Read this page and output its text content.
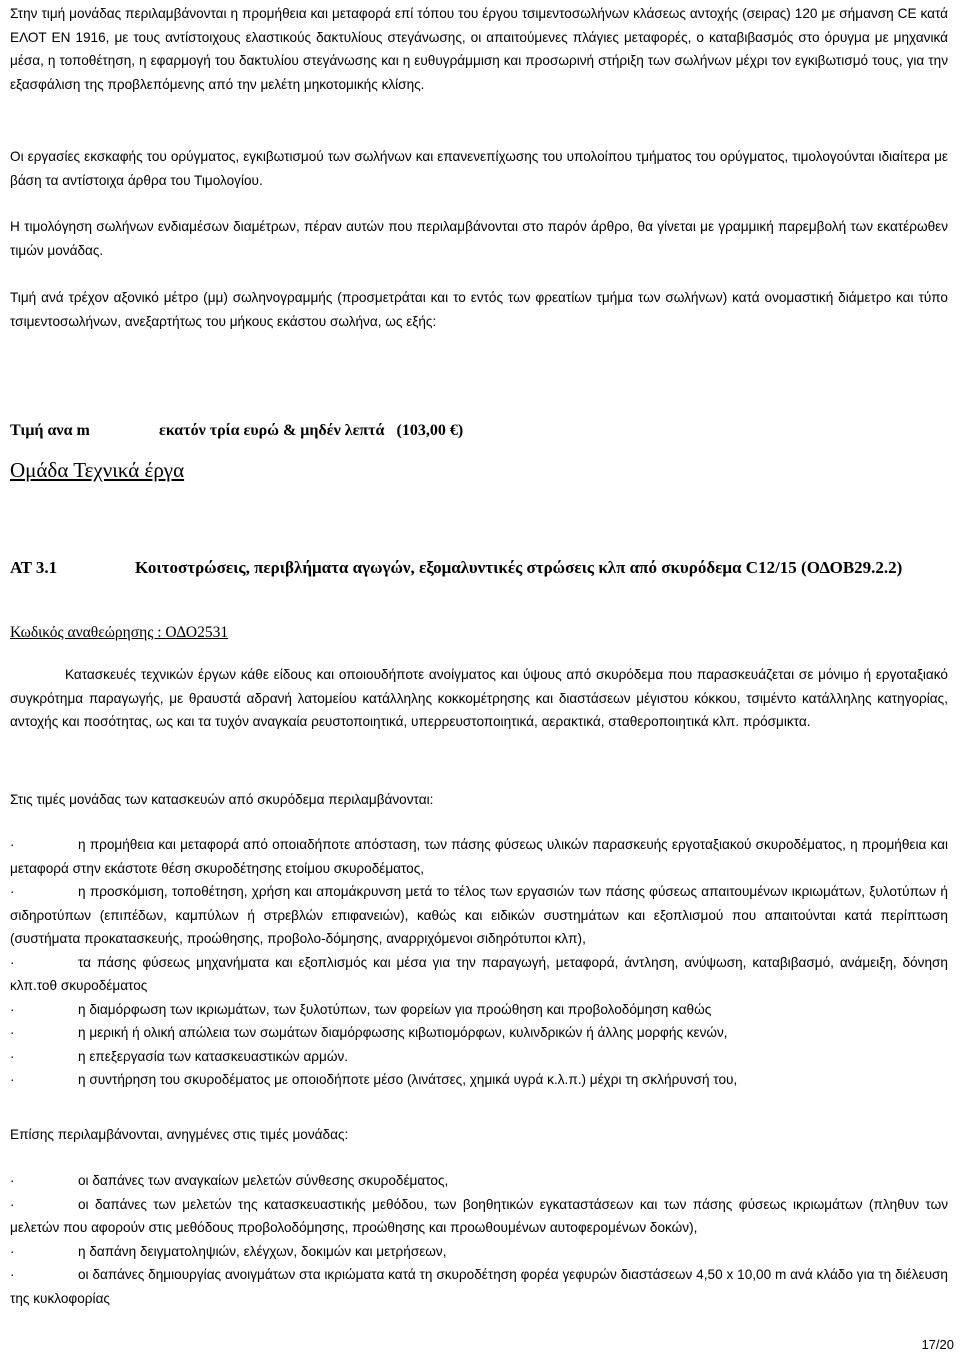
Στην τιμή μονάδας περιλαμβάνονται η προμήθεια και μεταφορά επί τόπου του έργου τσιμεντοσωλήνων κλάσεως αντοχής (σειρας) 120 με σήμανση CE κατά ΕΛΟΤ ΕΝ 1916, με τους αντίστοιχους ελαστικούς δακτυλίους στεγάνωσης, οι απαιτούμενες πλάγιες μεταφορές, ο καταβιβασμός στο όρυγμα με μηχανικά μέσα, η τοποθέτηση, η εφαρμογή του δακτυλίου στεγάνωσης και η ευθυγράμμιση και προσωρινή στήριξη των σωλήνων μέχρι τον εγκιβωτισμό τους, για την εξασφάλιση της προβλεπόμενης από την μελέτη μηκοτομικής κλίσης.

Οι εργασίες εκσκαφής του ορύγματος, εγκιβωτισμού των σωλήνων και επανενεπίχωσης του υπολοίπου τμήματος του ορύγματος, τιμολογούνται ιδιαίτερα με βάση τα αντίστοιχα άρθρα του Τιμολογίου.

Η τιμολόγηση σωλήνων ενδιαμέσων διαμέτρων, πέραν αυτών που περιλαμβάνονται στο παρόν άρθρο, θα γίνεται με γραμμική παρεμβολή των εκατέρωθεν τιμών μονάδας.

Τιμή ανά τρέχον αξονικό μέτρο (μμ) σωληνογραμμής (προσμετράται και το εντός των φρεατίων τμήμα των σωλήνων) κατά ονομαστική διάμετρο και τύπο τσιμεντοσωλήνων, ανεξαρτήτως του μήκους εκάστου σωλήνα, ως εξής:

Τιμή ανα m	εκατόν τρία ευρώ & μηδέν λεπτά (103,00 €)
Ομάδα Τεχνικά έργα
ΑΤ 3.1	Κοιτοστρώσεις, περιβλήματα αγωγών, εξομαλυντικές στρώσεις κλπ από σκυρόδεμα C12/15 (ΟΔΟΒ29.2.2)
Κωδικός αναθεώρησης : ΟΔΟ2531

Κατασκευές τεχνικών έργων κάθε είδους και οποιουδήποτε ανοίγματος και ύψους από σκυρόδεμα που παρασκευάζεται σε μόνιμο ή εργοταξιακό συγκρότημα παραγωγής, με θραυστά αδρανή λατομείου κατάλληλης κοκκομέτρησης και διαστάσεων μέγιστου κόκκου, τσιμέντο κατάλληλης κατηγορίας, αντοχής και ποσότητας, ως και τα τυχόν αναγκαία ρευστοποιητικά, υπερρευστοποιητικά, αερακτικά, σταθεροποιητικά κλπ. πρόσμικτα.

Στις τιμές μονάδας των κατασκευών από σκυρόδεμα περιλαμβάνονται:

·	η προμήθεια και μεταφορά από οποιαδήποτε απόσταση, των πάσης φύσεως υλικών παρασκευής εργοταξιακού σκυροδέματος, η προμήθεια και μεταφορά στην εκάστοτε θέση σκυροδέτησης ετοίμου σκυροδέματος,
·	η προσκόμιση, τοποθέτηση, χρήση και απομάκρυνση μετά το τέλος των εργασιών των πάσης φύσεως απαιτουμένων ικριωμάτων, ξυλοτύπων ή σιδηροτύπων (επιπέδων, καμπύλων ή στρεβλών επιφανειών), καθώς και ειδικών συστημάτων και εξοπλισμού που απαιτούνται κατά περίπτωση (συστήματα προκατασκευής, προώθησης, προβολο-δόμησης, αναρριχόμενοι σιδηρότυποι κλπ),
·	τα πάσης φύσεως μηχανήματα και εξοπλισμός και μέσα για την παραγωγή, μεταφορά, άντληση, ανύψωση, καταβιβασμό, ανάμειξη, δόνηση κλπ.τοθ σκυροδέματος
·	η διαμόρφωση των ικριωμάτων, των ξυλοτύπων, των φορείων για προώθηση και προβολοδόμηση καθώς
·	η μερική ή ολική απώλεια των σωμάτων διαμόρφωσης κιβωτιομόρφων, κυλινδρικών ή άλλης μορφής κενών,
·	η επεξεργασία των κατασκευαστικών αρμών.
·	η συντήρηση του σκυροδέματος με οποιοδήποτε μέσο (λινάτσες, χημικά υγρά κ.λ.π.) μέχρι τη σκλήρυνσή του,

Επίσης περιλαμβάνονται, ανηγμένες στις τιμές μονάδας:

·	οι δαπάνες των αναγκαίων μελετών σύνθεσης σκυροδέματος,
·	οι δαπάνες των μελετών της κατασκευαστικής μεθόδου, των βοηθητικών εγκαταστάσεων και των πάσης φύσεως ικριωμάτων (πληθυν των μελετών που αφορούν στις μεθόδους προβολοδόμησης, προώθησης και προωθουμένων αυτοφερομένων δοκών),
·	η δαπάνη δειγματοληψιών, ελέγχων, δοκιμών και μετρήσεων,
·	οι δαπάνες δημιουργίας ανοιγμάτων στα ικριώματα κατά τη σκυροδέτηση φορέα γεφυρών διαστάσεων 4,50 x 10,00 m ανά κλάδο για τη διέλευση της κυκλοφορίας
17/20
